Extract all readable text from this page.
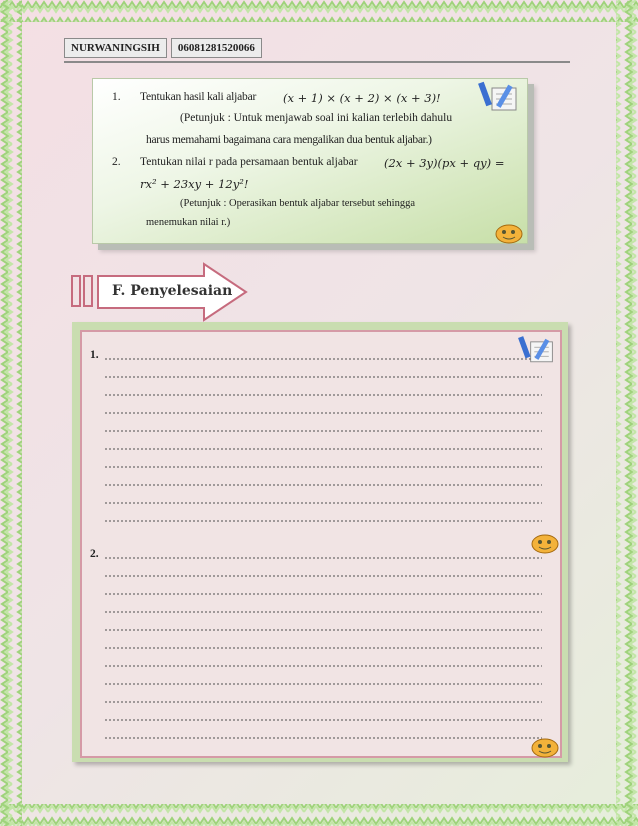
NURWANINGSIH	06081281520066
1. Tentukan hasil kali aljabar (x + 1) × (x + 2) × (x + 3)!
(Petunjuk : Untuk menjawab soal ini kalian terlebih dahulu
harus memahami bagaimana cara mengalikan dua bentuk aljabar.)
2. Tentukan nilai r pada persamaan bentuk aljabar (2x + 3y)(px + qy) =
rx² + 23xy + 12y²!
(Petunjuk : Operasikan bentuk aljabar tersebut sehingga
menemukan nilai r.)
F. Penyelesaian
1.
2.
